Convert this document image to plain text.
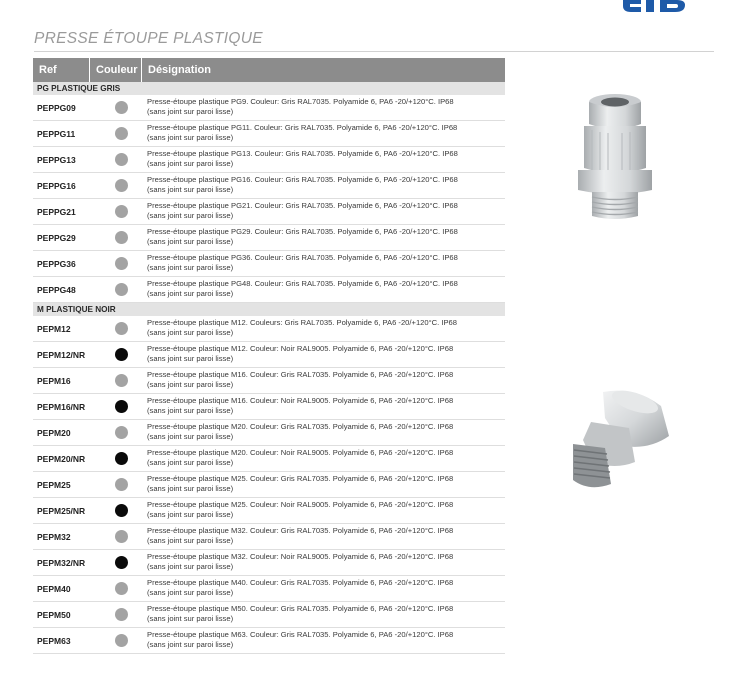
PRESSE ÉTOUPE PLASTIQUE
Ref	Couleur Désignation
PG PLASTIQUE GRIS
PEPPG09
Presse-étoupe plastique PG9. Couleur: Gris RAL7035. Polyamide 6, PA6 -20/+120°C. IP68
(sans joint sur paroi lisse)
PEPPG11
Presse-étoupe plastique PG11. Couleur: Gris RAL7035. Polyamide 6, PA6 -20/+120°C. IP68
(sans joint sur paroi lisse)
PEPPG13
Presse-étoupe plastique PG13. Couleur: Gris RAL7035. Polyamide 6, PA6 -20/+120°C. IP68
(sans joint sur paroi lisse)
PEPPG16
Presse-étoupe plastique PG16. Couleur: Gris RAL7035. Polyamide 6, PA6 -20/+120°C. IP68
(sans joint sur paroi lisse)
PEPPG21
Presse-étoupe plastique PG21. Couleur: Gris RAL7035. Polyamide 6, PA6 -20/+120°C. IP68
(sans joint sur paroi lisse)
PEPPG29
Presse-étoupe plastique PG29. Couleur: Gris RAL7035. Polyamide 6, PA6 -20/+120°C. IP68
(sans joint sur paroi lisse)
PEPPG36
Presse-étoupe plastique PG36. Couleur: Gris RAL7035. Polyamide 6, PA6 -20/+120°C. IP68
(sans joint sur paroi lisse)
PEPPG48
Presse-étoupe plastique PG48. Couleur: Gris RAL7035. Polyamide 6, PA6 -20/+120°C. IP68
(sans joint sur paroi lisse)
M PLASTIQUE NOIR
PEPM12
Presse-étoupe plastique M12. Couleurs: Gris RAL7035. Polyamide 6, PA6 -20/+120°C. IP68
(sans joint sur paroi lisse)
PEPM12/NR
Presse-étoupe plastique M12. Couleur: Noir RAL9005. Polyamide 6, PA6 -20/+120°C. IP68
(sans joint sur paroi lisse)
PEPM16
Presse-étoupe plastique M16. Couleur: Gris RAL7035. Polyamide 6, PA6 -20/+120°C. IP68
(sans joint sur paroi lisse)
PEPM16/NR
Presse-étoupe plastique M16. Couleur: Noir RAL9005. Polyamide 6, PA6 -20/+120°C. IP68
(sans joint sur paroi lisse)
PEPM20
Presse-étoupe plastique M20. Couleur: Gris RAL7035. Polyamide 6, PA6 -20/+120°C. IP68
(sans joint sur paroi lisse)
PEPM20/NR
Presse-étoupe plastique M20. Couleur: Noir RAL9005. Polyamide 6, PA6 -20/+120°C. IP68
(sans joint sur paroi lisse)
PEPM25
Presse-étoupe plastique M25. Couleur: Gris RAL7035. Polyamide 6, PA6 -20/+120°C. IP68
(sans joint sur paroi lisse)
PEPM25/NR
Presse-étoupe plastique M25. Couleur: Noir RAL9005. Polyamide 6, PA6 -20/+120°C. IP68
(sans joint sur paroi lisse)
PEPM32
Presse-étoupe plastique M32. Couleur: Gris RAL7035. Polyamide 6, PA6 -20/+120°C. IP68
(sans joint sur paroi lisse)
PEPM32/NR
Presse-étoupe plastique M32. Couleur: Noir RAL9005. Polyamide 6, PA6 -20/+120°C. IP68
(sans joint sur paroi lisse)
PEPM40
Presse-étoupe plastique M40. Couleur: Gris RAL7035. Polyamide 6, PA6 -20/+120°C. IP68
(sans joint sur paroi lisse)
PEPM50
Presse-étoupe plastique M50. Couleur: Gris RAL7035. Polyamide 6, PA6 -20/+120°C. IP68
(sans joint sur paroi lisse)
PEPM63
Presse-étoupe plastique M63. Couleur: Gris RAL7035. Polyamide 6, PA6 -20/+120°C. IP68
(sans joint sur paroi lisse)
